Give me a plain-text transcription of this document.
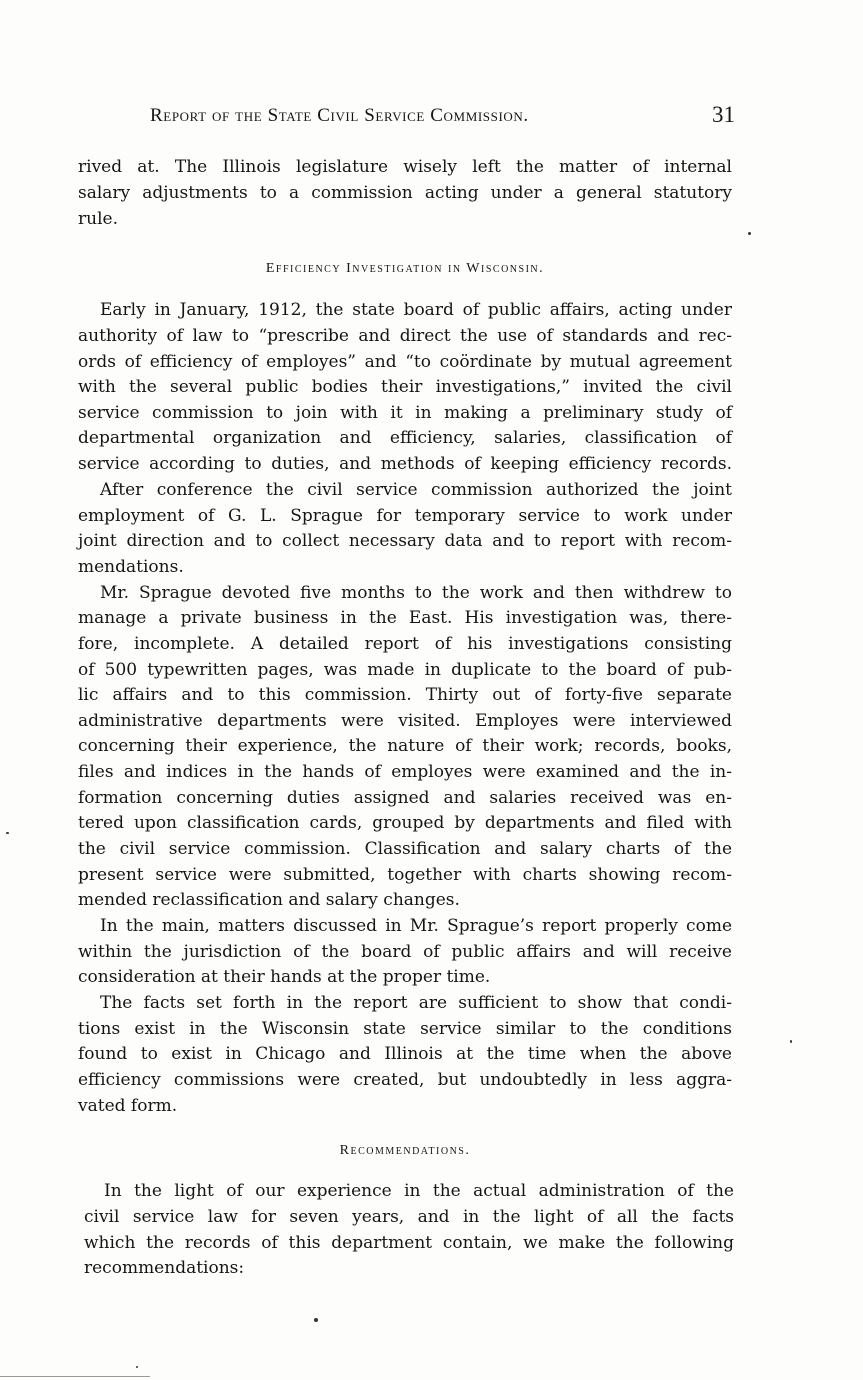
Report of the State Civil Service Commission.	31
rived at. The Illinois legislature wisely left the matter of internal
salary adjustments to a commission acting under a general statutory
rule.
Efficiency Investigation in Wisconsin.
Early in January, 1912, the state board of public affairs, acting under
authority of law to “prescribe and direct the use of standards and rec-
ords of efficiency of employes” and “to coördinate by mutual agreement
with the several public bodies their investigations,” invited the civil
service commission to join with it in making a preliminary study of
departmental organization and efficiency, salaries, classification of
service according to duties, and methods of keeping efficiency records.
After conference the civil service commission authorized the joint
employment of G. L. Sprague for temporary service to work under
joint direction and to collect necessary data and to report with recom-
mendations.
Mr. Sprague devoted five months to the work and then withdrew to
manage a private business in the East. His investigation was, there-
fore, incomplete. A detailed report of his investigations consisting
of 500 typewritten pages, was made in duplicate to the board of pub-
lic affairs and to this commission. Thirty out of forty-five separate
administrative departments were visited. Employes were interviewed
concerning their experience, the nature of their work; records, books,
files and indices in the hands of employes were examined and the in-
formation concerning duties assigned and salaries received was en-
tered upon classification cards, grouped by departments and filed with
the civil service commission. Classification and salary charts of the
present service were submitted, together with charts showing recom-
mended reclassification and salary changes.
In the main, matters discussed in Mr. Sprague’s report properly come
within the jurisdiction of the board of public affairs and will receive
consideration at their hands at the proper time.
The facts set forth in the report are sufficient to show that condi-
tions exist in the Wisconsin state service similar to the conditions
found to exist in Chicago and Illinois at the time when the above
efficiency commissions were created, but undoubtedly in less aggra-
vated form.
Recommendations.
In the light of our experience in the actual administration of the
civil service law for seven years, and in the light of all the facts
which the records of this department contain, we make the following
recommendations:
